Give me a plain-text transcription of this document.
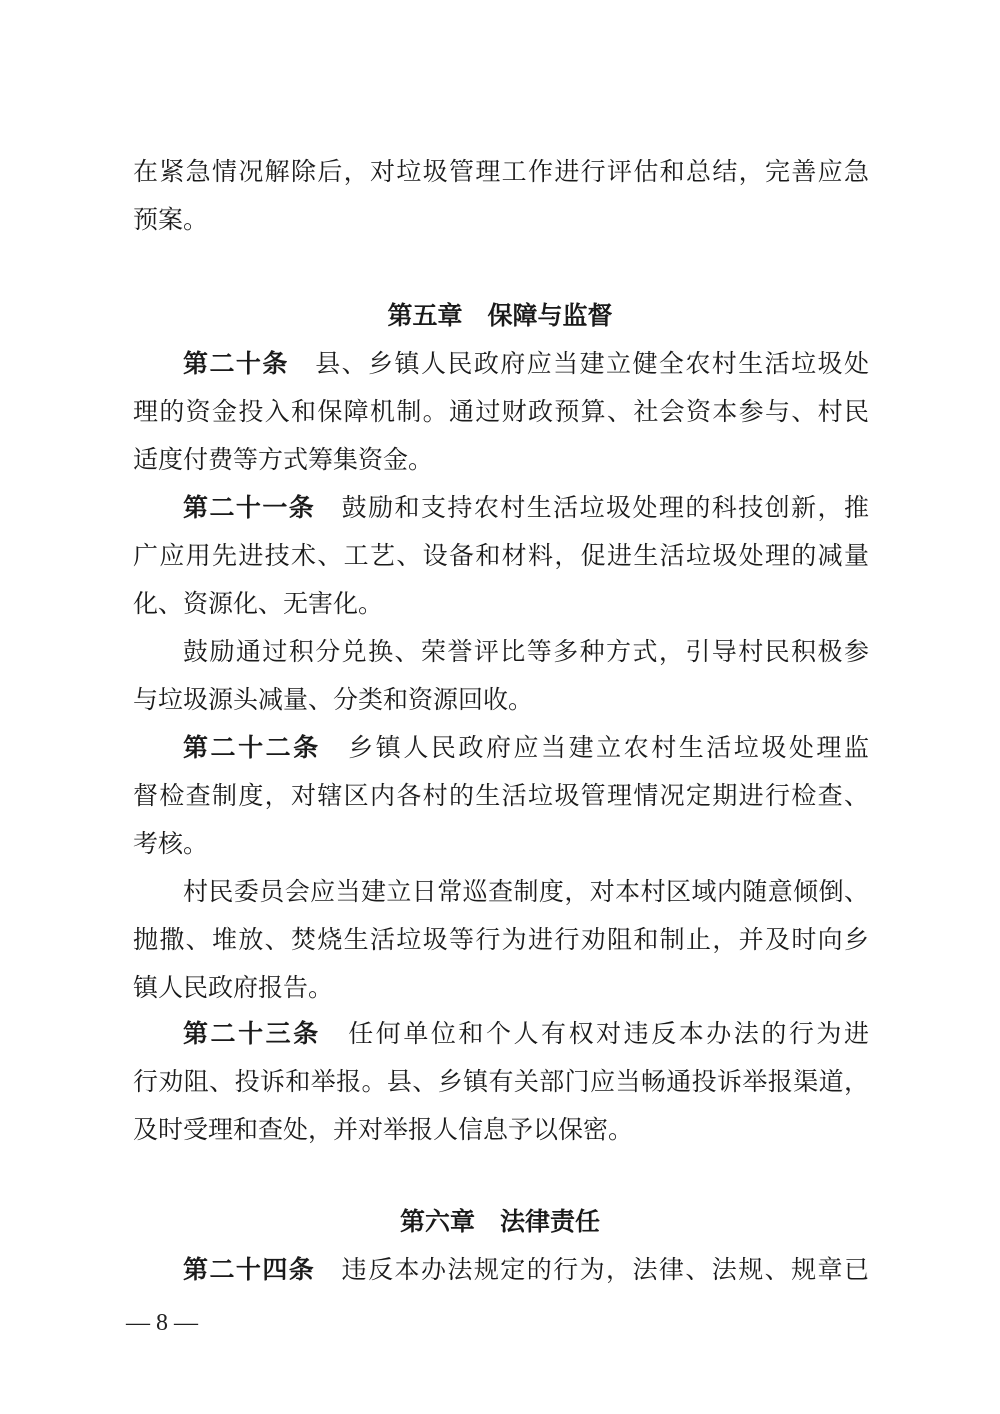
在紧急情况解除后，对垃圾管理工作进行评估和总结，完善应急
预案。
第五章　保障与监督
第二十条　县、乡镇人民政府应当建立健全农村生活垃圾处
理的资金投入和保障机制。通过财政预算、社会资本参与、村民
适度付费等方式筹集资金。
第二十一条　鼓励和支持农村生活垃圾处理的科技创新，推
广应用先进技术、工艺、设备和材料，促进生活垃圾处理的减量
化、资源化、无害化。
鼓励通过积分兑换、荣誉评比等多种方式，引导村民积极参
与垃圾源头减量、分类和资源回收。
第二十二条　乡镇人民政府应当建立农村生活垃圾处理监
督检查制度，对辖区内各村的生活垃圾管理情况定期进行检查、
考核。
村民委员会应当建立日常巡查制度，对本村区域内随意倾倒、
抛撒、堆放、焚烧生活垃圾等行为进行劝阻和制止，并及时向乡
镇人民政府报告。
第二十三条　任何单位和个人有权对违反本办法的行为进
行劝阻、投诉和举报。县、乡镇有关部门应当畅通投诉举报渠道，
及时受理和查处，并对举报人信息予以保密。
第六章　法律责任
第二十四条　违反本办法规定的行为，法律、法规、规章已
— 8 —
